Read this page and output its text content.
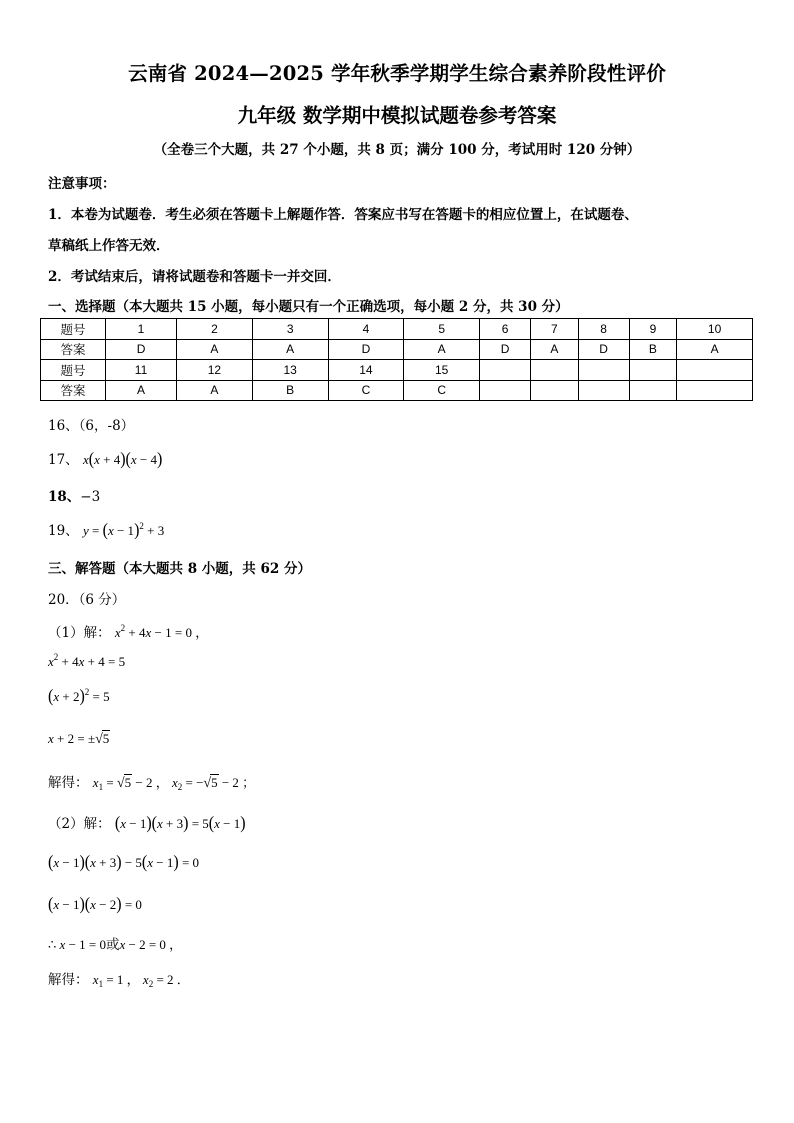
云南省 2024—2025 学年秋季学期学生综合素养阶段性评价
九年级 数学期中模拟试题卷参考答案
（全卷三个大题，共 27 个小题，共 8 页；满分 100 分，考试用时 120 分钟）
注意事项：
1．本卷为试题卷．考生必须在答题卡上解题作答．答案应书写在答题卡的相应位置上，在试题卷、
草稿纸上作答无效．
2．考试结束后，请将试题卷和答题卡一并交回．
一、选择题（本大题共 15 小题，每小题只有一个正确选项，每小题 2 分，共 30 分）
题号	1	2	3	4	5	6	7	8	9	10
答案	D	A	A	D	A	D	A	D	B	A
题号	11	12	13	14	15					
答案	A	A	B	C	C					
16、（6，-8）
17、 x(x + 4)(x − 4)
18、−3
19、 $y = (x - 1)^2 + 3$
三、解答题（本大题共 8 小题，共 62 分）
20．（6 分）
（1）解： $x^2 + 4x - 1 = 0$ ，
$x^2 + 4x + 4 = 5$
$(x + 2)^2 = 5$
x + 2 = ±√5
解得： $x_1 = √5 - 2$ ， $x_2 = -√5 - 2$ ；
（2）解： (x − 1)(x + 3) = 5(x − 1)
(x − 1)(x + 3) − 5(x − 1) = 0
(x − 1)(x − 2) = 0
∴ x − 1 = 0或x − 2 = 0 ，
解得： $x_1 = 1$ ， $x_2 = 2$ ．
